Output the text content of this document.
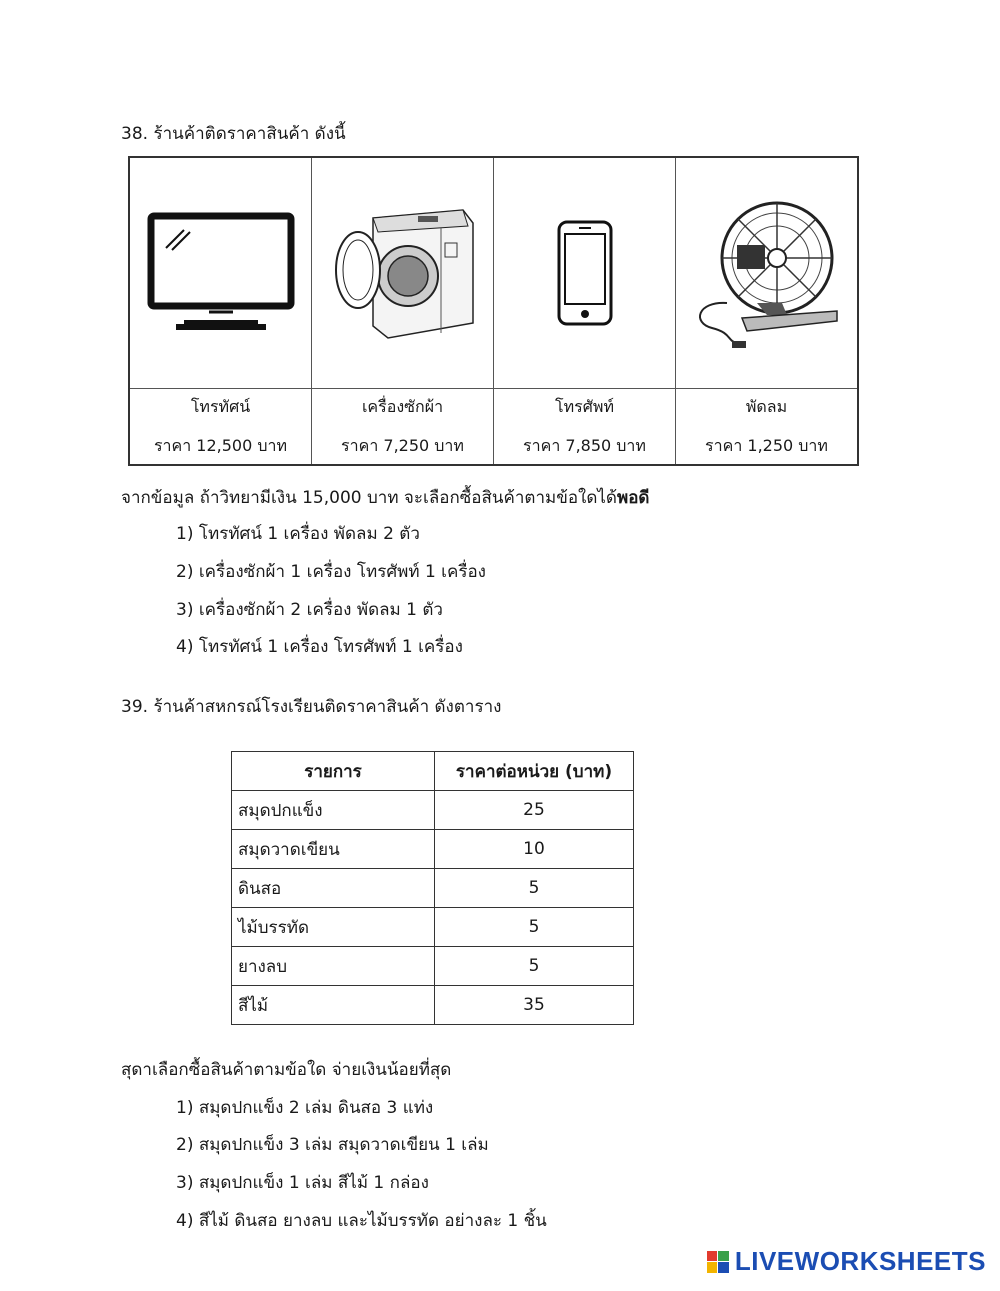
38. ร้านค้าติดราคาสินค้า ดังนี้
โทรทัศน์
ราคา 12,500 บาท
เครื่องซักผ้า
ราคา 7,250 บาท
โทรศัพท์
ราคา 7,850 บาท
พัดลม
ราคา 1,250 บาท
จากข้อมูล ถ้าวิทยามีเงิน 15,000 บาท จะเลือกซื้อสินค้าตามข้อใดได้พอดี
1) โทรทัศน์ 1 เครื่อง พัดลม 2 ตัว
2) เครื่องซักผ้า 1 เครื่อง โทรศัพท์ 1 เครื่อง
3) เครื่องซักผ้า 2 เครื่อง พัดลม 1 ตัว
4) โทรทัศน์ 1 เครื่อง โทรศัพท์ 1 เครื่อง
39. ร้านค้าสหกรณ์โรงเรียนติดราคาสินค้า ดังตาราง
รายการ	ราคาต่อหน่วย (บาท)
สมุดปกแข็ง	25
สมุดวาดเขียน	10
ดินสอ	5
ไม้บรรทัด	5
ยางลบ	5
สีไม้	35
สุดาเลือกซื้อสินค้าตามข้อใด จ่ายเงินน้อยที่สุด
1) สมุดปกแข็ง 2 เล่ม ดินสอ 3 แท่ง
2) สมุดปกแข็ง 3 เล่ม สมุดวาดเขียน 1 เล่ม
3) สมุดปกแข็ง 1 เล่ม สีไม้ 1 กล่อง
4) สีไม้ ดินสอ ยางลบ และไม้บรรทัด อย่างละ 1 ชิ้น
LIVEWORKSHEETS
